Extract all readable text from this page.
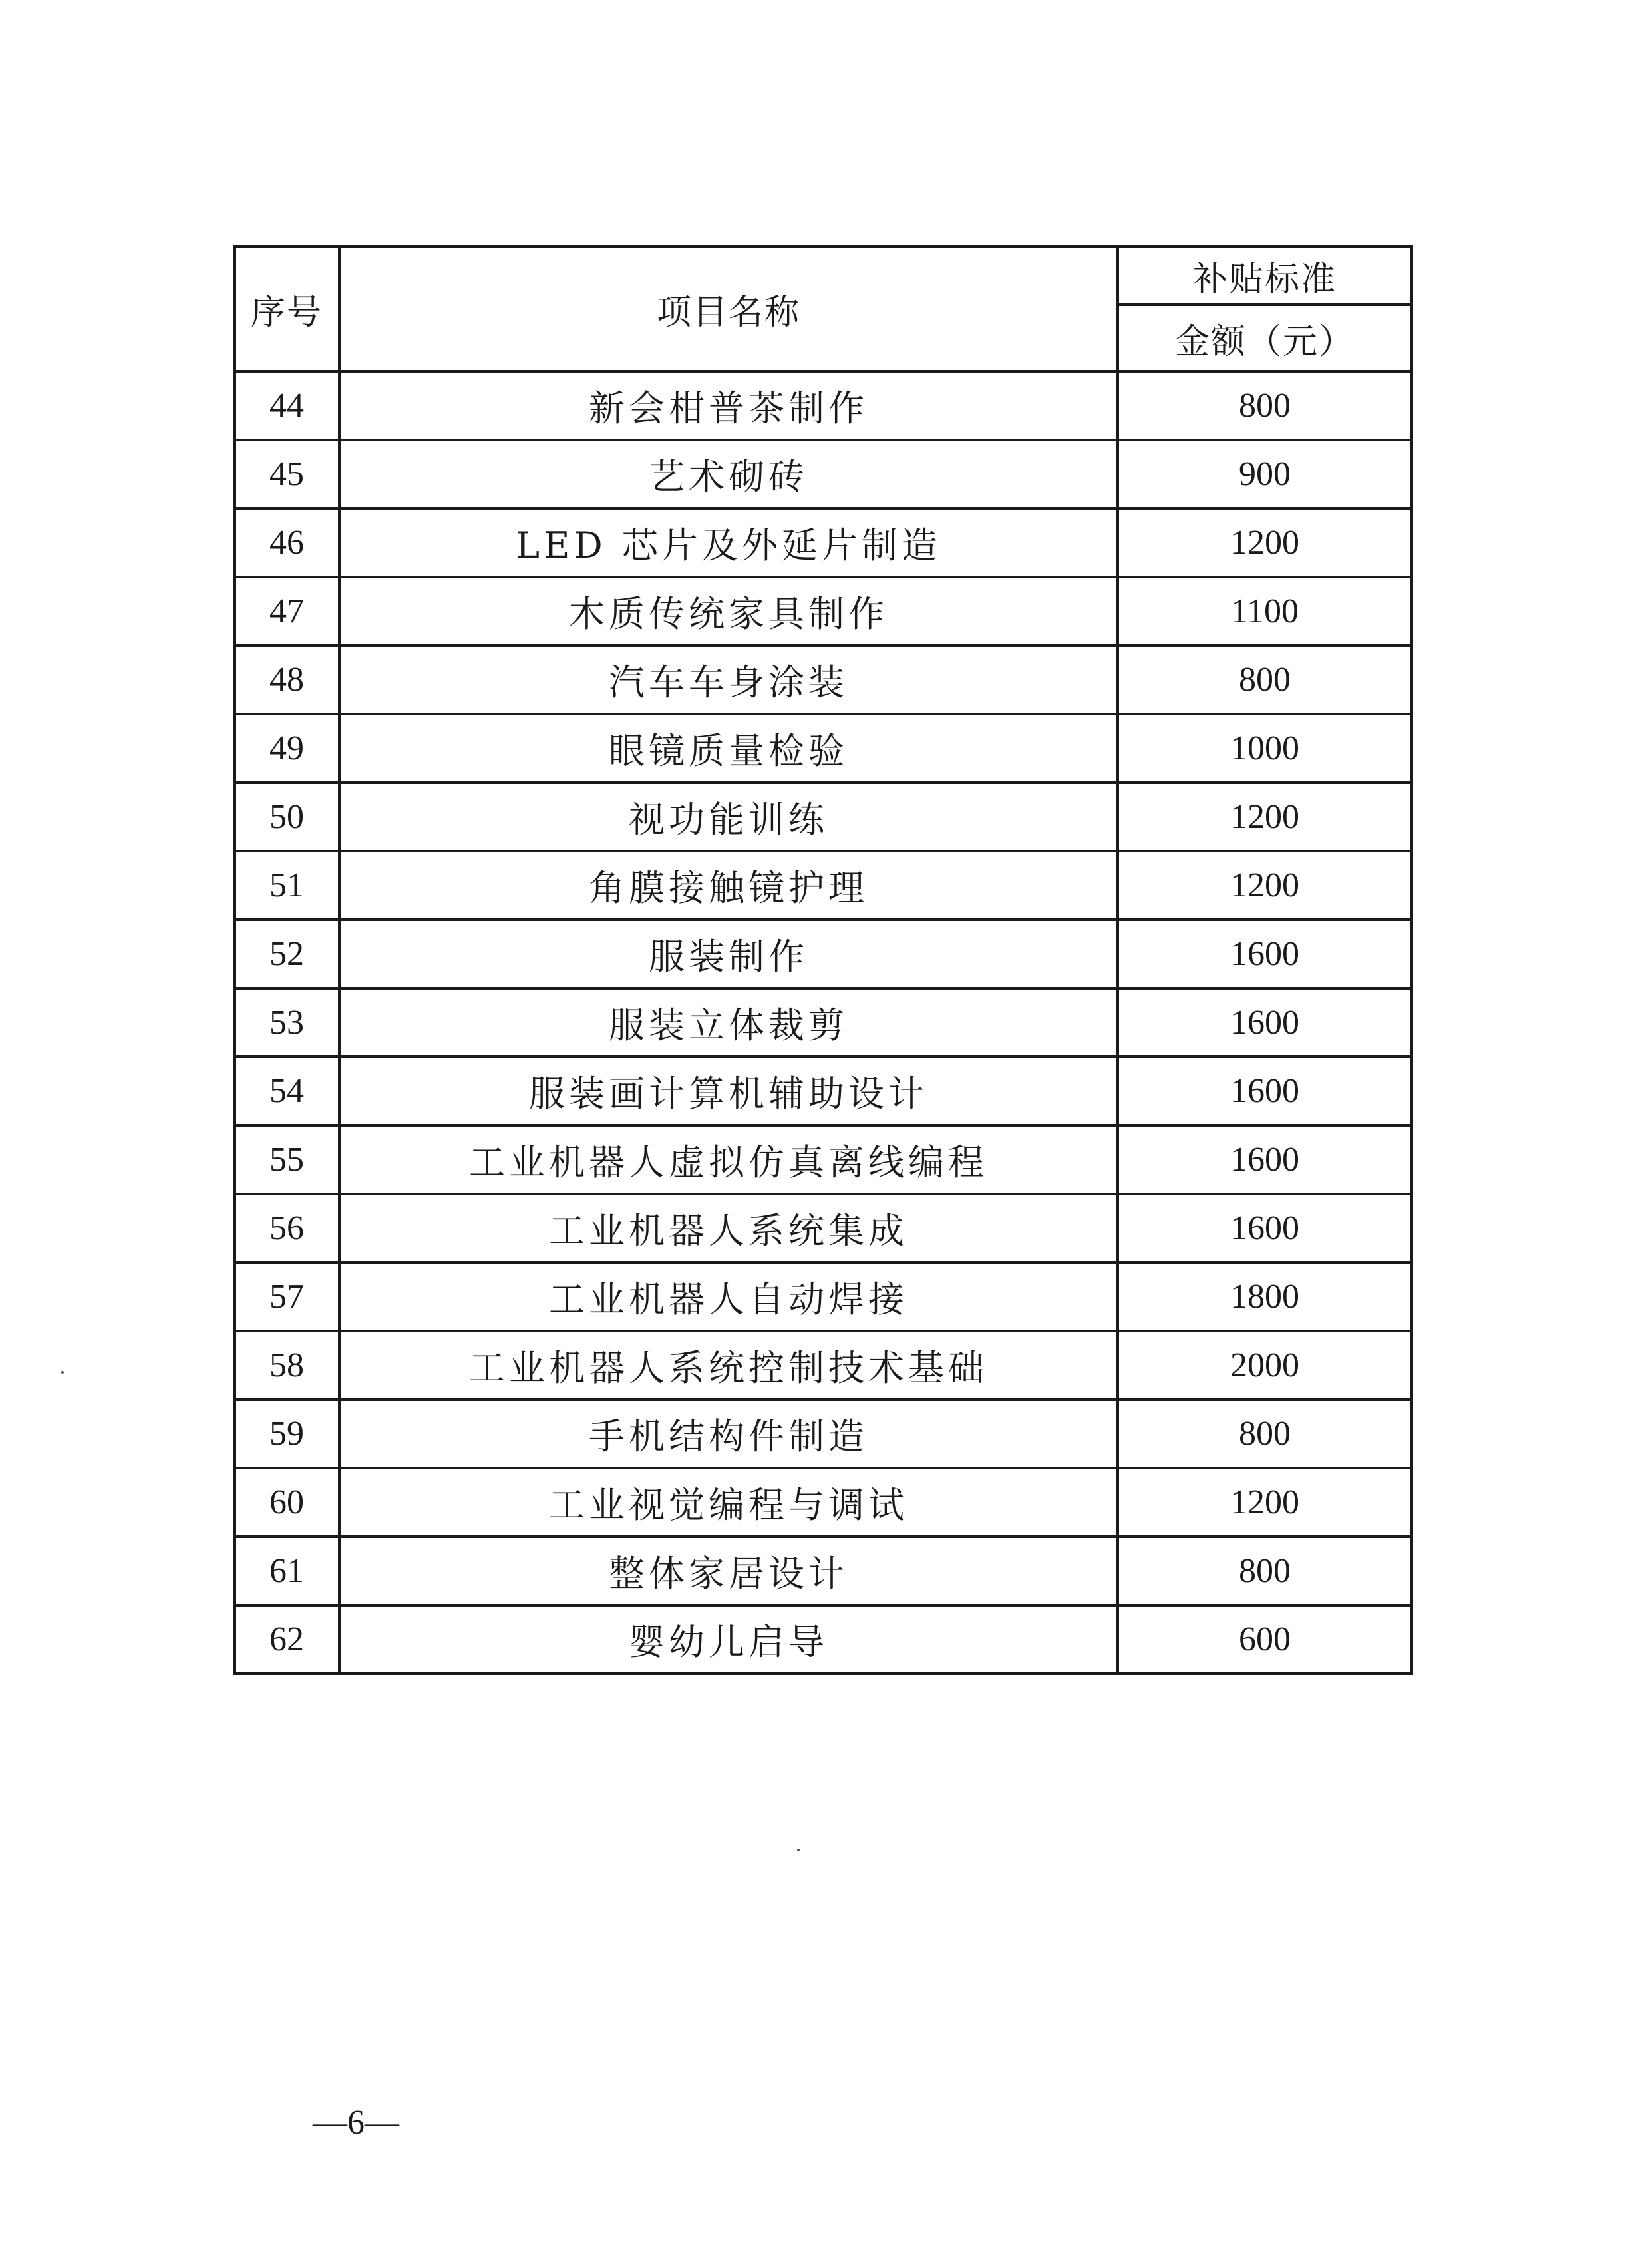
序号	项目名称	补贴标准
		金额（元）
44	新会柑普茶制作	800
45	艺术砌砖	900
46	LED 芯片及外延片制造	1200
47	木质传统家具制作	1100
48	汽车车身涂装	800
49	眼镜质量检验	1000
50	视功能训练	1200
51	角膜接触镜护理	1200
52	服装制作	1600
53	服装立体裁剪	1600
54	服装画计算机辅助设计	1600
55	工业机器人虚拟仿真离线编程	1600
56	工业机器人系统集成	1600
57	工业机器人自动焊接	1800
58	工业机器人系统控制技术基础	2000
59	手机结构件制造	800
60	工业视觉编程与调试	1200
61	整体家居设计	800
62	婴幼儿启导	600
—6—
